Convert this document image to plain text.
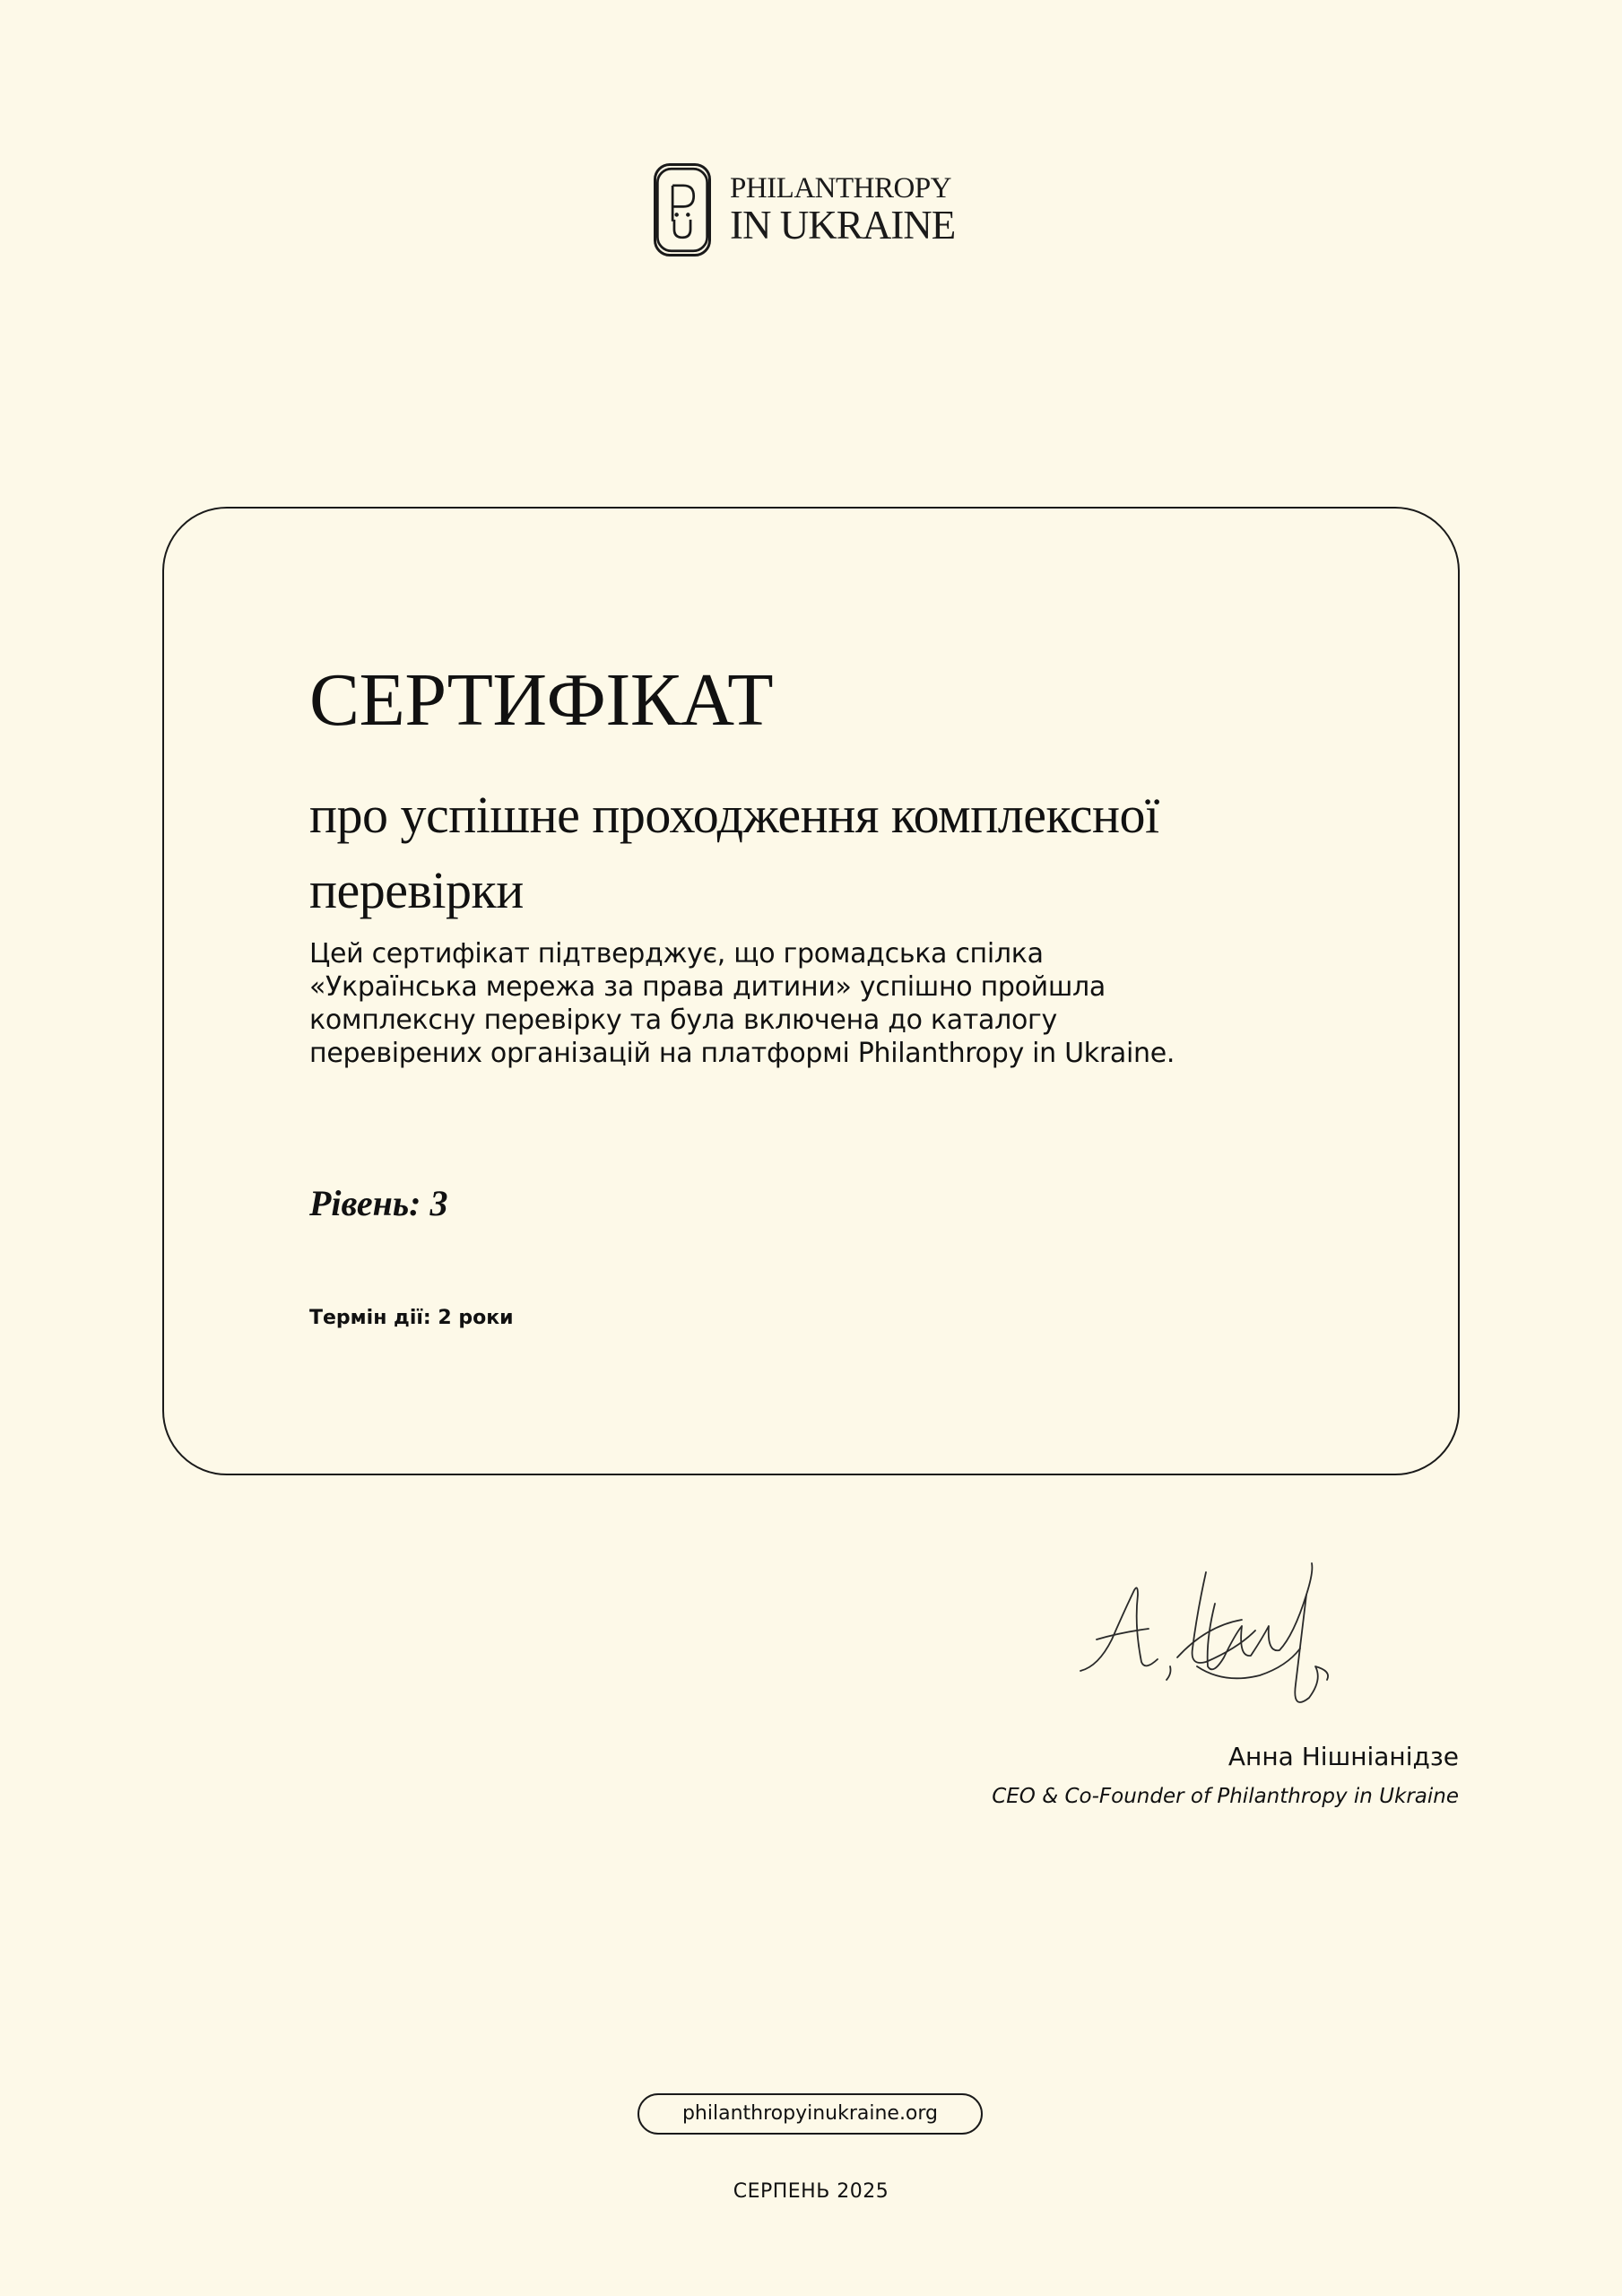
PHILANTHROPY
IN UKRAINE
СЕРТИФІКАТ
про успішне проходження комплексної перевірки
Цей сертифікат підтверджує, що громадська спілка «Українська мережа за права дитини» успішно пройшла комплексну перевірку та була включена до каталогу перевірених організацій на платформі Philanthropy in Ukraine.
Рівень: 3
Термін дії: 2 роки
Анна Нішніанідзе
CEO & Co-Founder of Philanthropy in Ukraine
philanthropyinukraine.org
СЕРПЕНЬ 2025
